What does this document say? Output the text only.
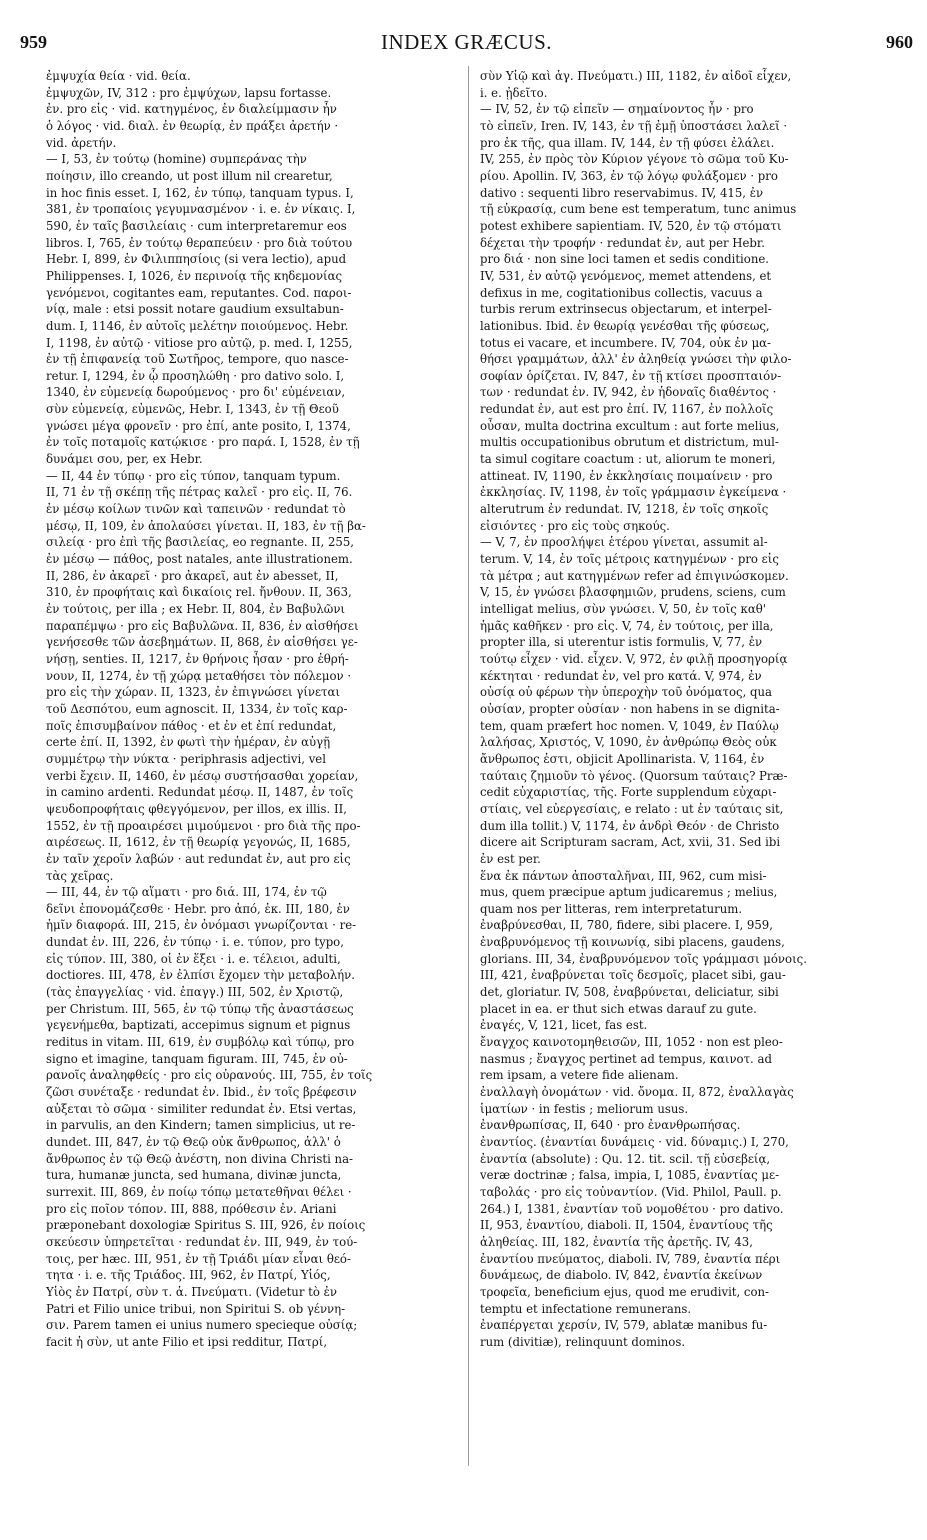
959	INDEX GRÆCUS.	960

ἐμψυχία θεία · vid. θεία.

ἐμψυχῶν, IV, 312 : pro ἐμψύχων, lapsu fortasse.

ἐν. pro εἰς · vid. κατηγμένος, ἐν διαλείμμασιν ἦν

ὁ λόγος · vid. διαλ. ἐν θεωρίᾳ, ἐν πράξει ἀρετήν ·

vid. ἀρετήν.

— I, 53, ἐν τούτῳ (homine) συμπεράνας τὴν

ποίησιν, illo creando, ut post illum nil crearetur,

in hoc finis esset. I, 162, ἐν τύπῳ, tanquam typus. I,

381, ἐν τροπαίοις γεγυμνασμένον · i. e. ἐν νίκαις. I,

590, ἐν ταῖς βασιλείαις · cum interpretaremur eos

libros. I, 765, ἐν τούτῳ θεραπεύειν · pro διὰ τούτου

Hebr. I, 899, ἐν Φιλιππησίοις (si vera lectio), apud

Philippenses. I, 1026, ἐν περινοίᾳ τῆς κηδεμονίας

γενόμενοι, cogitantes eam, reputantes. Cod. παροι-

νίᾳ, male : etsi possit notare gaudium exsultabun-

dum. I, 1146, ἐν αὐτοῖς μελέτην ποιούμενος. Hebr.

I, 1198, ἐν αὐτῷ · vitiose pro αὐτῷ, p. med. I, 1255,

ἐν τῇ ἐπιφανείᾳ τοῦ Σωτῆρος, tempore, quo nasce-

retur. I, 1294, ἐν ᾧ προσηλώθη · pro dativo solo. I,

1340, ἐν εὐμενείᾳ δωρούμενος · pro δι' εὐμένειαν,

σὺν εὐμενείᾳ, εὐμενῶς, Hebr. I, 1343, ἐν τῇ Θεοῦ

γνώσει μέγα φρονεῖν · pro ἐπί, ante posito, I, 1374,

ἐν τοῖς ποταμοῖς κατῴκισε · pro παρά. I, 1528, ἐν τῇ

δυνάμει σου, per, ex Hebr.

— II, 44 ἐν τύπῳ · pro εἰς τύπον, tanquam typum.

II, 71 ἐν τῇ σκέπῃ τῆς πέτρας καλεῖ · pro εἰς. II, 76.

ἐν μέσῳ κοίλων τινῶν καὶ ταπεινῶν · redundat τὸ

μέσῳ, II, 109, ἐν ἀπολαύσει γίνεται. II, 183, ἐν τῇ βα-

σιλείᾳ · pro ἐπὶ τῆς βασιλείας, eo regnante. II, 255,

ἐν μέσῳ — πάθος, post natales, ante illustrationem.

II, 286, ἐν ἀκαρεῖ · pro ἀκαρεῖ, aut ἐν abesset, II,

310, ἐν προφήταις καὶ δικαίοις rel. ἤνθουν. II, 363,

ἐν τούτοις, per illa ; ex Hebr. II, 804, ἐν Βαβυλῶνι

παραπέμψω · pro εἰς Βαβυλῶνα. II, 836, ἐν αἰσθήσει

γενήσεσθε τῶν ἀσεβημάτων. II, 868, ἐν αἰσθήσει γε-

νήσῃ, senties. II, 1217, ἐν θρήνοις ἦσαν · pro ἐθρή-

νουν, II, 1274, ἐν τῇ χώρᾳ μεταθήσει τὸν πόλεμον ·

pro εἰς τὴν χώραν. II, 1323, ἐν ἐπιγνώσει γίνεται

τοῦ Δεσπότου, eum agnoscit. II, 1334, ἐν τοῖς καρ-

ποῖς ἐπισυμβαίνον πάθος · et ἐν et ἐπί redundat,

certe ἐπί. II, 1392, ἐν φωτὶ τὴν ἡμέραν, ἐν αὐγῇ

συμμέτρῳ τὴν νύκτα · periphrasis adjectivi, vel

verbi ἔχειν. II, 1460, ἐν μέσῳ συστήσασθαι χορείαν,

in camino ardenti. Redundat μέσῳ. II, 1487, ἐν τοῖς

ψευδοπροφήταις φθεγγόμενον, per illos, ex illis. II,

1552, ἐν τῇ προαιρέσει μιμούμενοι · pro διὰ τῆς προ-

αιρέσεως. II, 1612, ἐν τῇ θεωρίᾳ γεγονώς, II, 1685,

ἐν ταῖν χεροῖν λαβών · aut redundat ἐν, aut pro εἰς

τὰς χεῖρας.

— III, 44, ἐν τῷ αἵματι · pro διά. III, 174, ἐν τῷ

δεῖνι ἐπονομάζεσθε · Hebr. pro ἀπό, ἐκ. III, 180, ἐν

ἡμῖν διαφορά. III, 215, ἐν ὀνόμασι γνωρίζονται · re-

dundat ἐν. III, 226, ἐν τύπῳ · i. e. τύπον, pro typo,

εἰς τύπον. III, 380, οἱ ἐν ἕξει · i. e. τέλειοι, adulti,

doctiores. III, 478, ἐν ἐλπίσι ἔχομεν τὴν μεταβολήν.

(τὰς ἐπαγγελίας · vid. ἐπαγγ.) III, 502, ἐν Χριστῷ,

per Christum. III, 565, ἐν τῷ τύπῳ τῆς ἀναστάσεως

γεγενήμεθα, baptizati, accepimus signum et pignus

reditus in vitam. III, 619, ἐν συμβόλῳ καὶ τύπῳ, pro

signo et imagine, tanquam figuram. III, 745, ἐν οὐ-

ρανοῖς ἀναληφθείς · pro εἰς οὐρανούς. III, 755, ἐν τοῖς

ζῶσι συνέταξε · redundat ἐν. Ibid., ἐν τοῖς βρέφεσιν

αὐξεται τὸ σῶμα · similiter redundat ἐν. Etsi vertas,

in parvulis, an den Kindern; tamen simplicius, ut re-

dundet. III, 847, ἐν τῷ Θεῷ οὐκ ἄνθρωπος, ἀλλ' ὁ

ἄνθρωπος ἐν τῷ Θεῷ ἀνέστη, non divina Christi na-

tura, humanæ juncta, sed humana, divinæ juncta,

surrexit. III, 869, ἐν ποίῳ τόπῳ μετατεθῆναι θέλει ·

pro εἰς ποῖον τόπον. III, 888, πρόθεσιν ἐν. Ariani

præponebant doxologiæ Spiritus S. III, 926, ἐν ποίοις

σκεύεσιν ὑπηρετεῖται · redundat ἐν. III, 949, ἐν τού-

τοις, per hæc. III, 951, ἐν τῇ Τριάδι μίαν εἶναι θεό-

τητα · i. e. τῆς Τριάδος. III, 962, ἐν Πατρί, Υἱός,

Υἱὸς ἐν Πατρί, σὺν τ. ἁ. Πνεύματι. (Videtur tò ἐν

Patri et Filio unice tribui, non Spiritui S. ob γέννη-

σιν. Parem tamen ei unius numero specieque οὐσίᾳ;

facit ἡ σὺν, ut ante Filio et ipsi redditur, Πατρί,

σὺν Υἱῷ καὶ ἁγ. Πνεύματι.) III, 1182, ἐν αἰδοῖ εἶχεν,

i. e. ᾐδεῖτο.

— IV, 52, ἐν τῷ εἰπεῖν — σημαίνοντος ἦν · pro

τὸ εἰπεῖν, Iren. IV, 143, ἐν τῇ ἐμῇ ὑποστάσει λαλεῖ ·

pro ἐκ τῆς, qua illam. IV, 144, ἐν τῇ φύσει ἐλάλει.

IV, 255, ἐν πρὸς τὸν Κύριον γέγονε τὸ σῶμα τοῦ Κυ-

ρίου. Apollin. IV, 363, ἐν τῷ λόγῳ φυλάξομεν · pro

dativo : sequenti libro reservabimus. IV, 415, ἐν

τῇ εὐκρασίᾳ, cum bene est temperatum, tunc animus

potest exhibere sapientiam. IV, 520, ἐν τῷ στόματι

δέχεται τὴν τροφήν · redundat ἐν, aut per Hebr.

pro διά · non sine loci tamen et sedis conditione.

IV, 531, ἐν αὐτῷ γενόμενος, memet attendens, et

defixus in me, cogitationibus collectis, vacuus a

turbis rerum extrinsecus objectarum, et interpel-

lationibus. Ibid. ἐν θεωρίᾳ γενέσθαι τῆς φύσεως,

totus ei vacare, et incumbere. IV, 704, οὐκ ἐν μα-

θήσει γραμμάτων, ἀλλ' ἐν ἀληθείᾳ γνώσει τὴν φιλο-

σοφίαν ὁρίζεται. IV, 847, ἐν τῇ κτίσει προσπταιόν-

των · redundat ἐν. IV, 942, ἐν ἡδοναῖς διαθέντος ·

redundat ἐν, aut est pro ἐπί. IV, 1167, ἐν πολλοῖς

οὖσαν, multa doctrina excultum : aut forte melius,

multis occupationibus obrutum et districtum, mul-

ta simul cogitare coactum : ut, aliorum te moneri,

attineat. IV, 1190, ἐν ἐκκλησίαις ποιμαίνειν · pro

ἐκκλησίας. IV, 1198, ἐν τοῖς γράμμασιν ἐγκείμενα ·

alterutrum ἐν redundat. IV, 1218, ἐν τοῖς σηκοῖς

εἰσιόντες · pro εἰς τοὺς σηκούς.

— V, 7, ἐν προσλήψει ἑτέρου γίνεται, assumit al-

terum. V, 14, ἐν τοῖς μέτροις κατηγμένων · pro εἰς

τὰ μέτρα ; aut κατηγμένων refer ad ἐπιγινώσκομεν.

V, 15, ἐν γνώσει βλασφημιῶν, prudens, sciens, cum

intelligat melius, σὺν γνώσει. V, 50, ἐν τοῖς καθ'

ἡμᾶς καθῆκεν · pro εἰς. V, 74, ἐν τούτοις, per illa,

propter illa, si uterentur istis formulis, V, 77, ἐν

τούτῳ εἶχεν · vid. εἶχεν. V, 972, ἐν φιλῇ προσηγορίᾳ

κέκτηται · redundat ἐν, vel pro κατά. V, 974, ἐν

οὐσίᾳ οὐ φέρων τὴν ὑπεροχὴν τοῦ ὀνόματος, qua

οὐσίαν, propter οὐσίαν · non habens in se dignita-

tem, quam præfert hoc nomen. V, 1049, ἐν Παύλῳ

λαλήσας, Χριστός, V, 1090, ἐν ἀνθρώπῳ Θεὸς οὐκ

ἄνθρωπος ἐστι, objicit Apollinarista. V, 1164, ἐν

ταύταις ζημιοῦν τὸ γένος. (Quorsum ταύταις? Præ-

cedit εὐχαριστίας, τῆς. Forte supplendum εὐχαρι-

στίαις, vel εὐεργεσίαις, e relato : ut ἐν ταύταις sit,

dum illa tollit.) V, 1174, ἐν ἀνδρὶ Θεόν · de Christo

dicere ait Scripturam sacram, Act, xvii, 31. Sed ibi

ἐν est per.

ἕνα ἐκ πάντων ἀποσταλῆναι, III, 962, cum misi-

mus, quem præcipue aptum judicaremus ; melius,

quam nos per litteras, rem interpretaturum.

ἐναβρύνεσθαι, II, 780, fidere, sibi placere. I, 959,

ἐναβρυνόμενος τῇ κοινωνίᾳ, sibi placens, gaudens,

glorians. III, 34, ἐναβρυνόμενον τοῖς γράμμασι μόνοις.

III, 421, ἐναβρύνεται τοῖς δεσμοῖς, placet sibi, gau-

det, gloriatur. IV, 508, ἐναβρύνεται, deliciatur, sibi

placet in ea. er thut sich etwas darauf zu gute.

ἐναγές, V, 121, licet, fas est.

ἔναγχος καινοτομηθεισῶν, III, 1052 · non est pleo-

nasmus ; ἔναγχος pertinet ad tempus, καινοτ. ad

rem ipsam, a vetere fide alienam.

ἐναλλαγὴ ὀνομάτων · vid. ὄνομα. II, 872, ἐναλλαγὰς

ἱματίων · in festis ; meliorum usus.

ἐνανθρωπίσας, II, 640 · pro ἐνανθρωπήσας.

ἐναντίος. (ἐναντίαι δυνάμεις · vid. δύναμις.) I, 270,

ἐναντία (absolute) : Qu. 12. tit. scil. τῇ εὐσεβείᾳ,

veræ doctrinæ ; falsa, impia, I, 1085, ἐναντίας με-

ταβολάς · pro εἰς τοὐναντίον. (Vid. Philol, Paull. p.

264.) I, 1381, ἐναντίαν τοῦ νομοθέτου · pro dativo.

II, 953, ἐναντίου, diaboli. II, 1504, ἐναντίους τῆς

ἀληθείας. III, 182, ἐναντία τῆς ἀρετῆς. IV, 43,

ἐναντίου πνεύματος, diaboli. IV, 789, ἐναντία πέρι

δυνάμεως, de diabolo. IV, 842, ἐναντία ἐκείνων

τροφεῖα, beneficium ejus, quod me erudivit, con-

temptu et infectatione remunerans.

ἐναπέργεται χερσίν, IV, 579, ablatæ manibus fu-

rum (divitiæ), relinquunt dominos.
